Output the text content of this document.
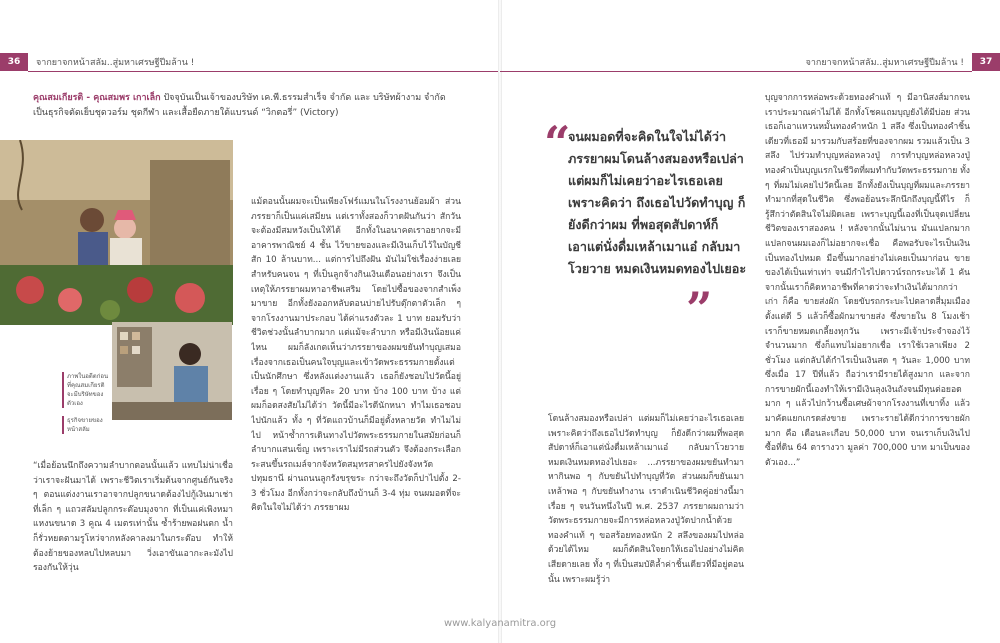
36	จากยาจกหน้าสลัม..สู่มหาเศรษฐีปีมล้าน !
คุณสมเกียรติ - คุณสมพร เกาเล็ก ปัจจุบันเป็นเจ้าของบริษัท เค.พี.ธรรมสำเร็จ จำกัด และ บริษัทผ้างาม จำกัด เป็นธุรกิจตัดเย็บชุดวอร์ม ชุดกีฬา และเสื้อยืดภายใต้แบรนด์ “วิกตอรี่” (Victory)
ภาพในอดีตก่อนที่คุณสมเกียรติจะมีบริษัทของตัวเอง
ธุรกิจขายของหน้าสลัม
“เมื่อย้อนนึกถึงความลำบากตอนนั้นแล้ว แทบไม่น่าเชื่อว่าเราจะฝันมาได้ เพราะชีวิตเราเริ่มต้นจากศูนย์กันจริง ๆ ตอนแต่งงานเราอาจากปลูกขนาดต้องไปกู้เงินมาเช่าที่เล็ก ๆ แถวสลัมปลูกกระต๊อบมุงจาก ที่เป็นแค่เพิงหมาแหงนขนาด 3 คูณ 4 เมตรเท่านั้น ซ้ำร้ายพอฝนตก น้ำก็รั่วหยดตามรูโหว่จากหลังคาลงมาในกระต๊อบ ทำให้ต้องย้ายของหลบไปหลบมา วิ่งเอาขันเอากะละมังไปรองกันให้วุ่น
แม้ตอนนั้นผมจะเป็นเพียงโฟร์แมนในโรงงานย้อมผ้า ส่วนภรรยาก็เป็นแค่เสมียน แต่เราทั้งสองก็วาดฝันกันว่า สักวันจะต้องมีสมหวังเป็นให้ได้ อีกทั้งในอนาคตเราอยากจะมีอาคารพาณิชย์ 4 ชั้น ไว้ขายของและมีเงินเก็บไว้ในบัญชีสัก 10 ล้านบาท... แต่การไปถึงฝัน มันไม่ใช่เรื่องง่ายเลยสำหรับคนจน ๆ ที่เป็นลูกจ้างกินเงินเดือนอย่างเรา จึงเป็นเหตุให้ภรรยาผมหาอาชีพเสริม โดยไปซื้อของจากสำเพ็งมาขาย อีกทั้งยังออกหลับตอนบ่ายไปรับตุ๊กตาตัวเล็ก ๆ จากโรงงานมาประกอบ ได้ค่าแรงตัวละ 1 บาท ยอมรับว่าชีวิตช่วงนั้นลำบากมาก แต่แม้จะลำบาก หรือมีเงินน้อยแค่ไหน ผมก็ลังเกตเห็นว่าภรรยาของผมขยันทำบุญเสมอ เรื่องจากเธอเป็นคนใจบุญและเข้าวัดพระธรรมกายตั้งแต่เป็นนักศึกษา ซึ่งหลังแต่งงานแล้ว เธอก็ยังชอบไปวัดนี้อยู่เรื่อย ๆ โดยทำบุญทีละ 20 บาท บ้าง 100 บาท บ้าง แต่ผมก็อดสงสัยไม่ได้ว่า วัดนี้มีอะไรดีนักหนา ทำไมเธอชอบไปนักแล้ว ทั้ง ๆ ที่วัดแถวบ้านก็มีอยู่ตั้งหลายวัด ทำไมไม่ไป หน้าซ้ำการเดินทางไปวัดพระธรรมกายในสมัยก่อนก็ลำบากแสนเข็ญ เพราะเราไม่มีรถส่วนตัว จึงต้องกระเลือกระสนขึ้นรถเมล์จากจังหวัดสมุทรสาครไปยังจังหวัดปทุมธานี ผ่านถนนลูกรังขรุขระ กว่าจะถึงวัดก็ปาไปตั้ง 2-3 ชั่วโมง อีกทั้งกว่าจะกลับถึงบ้านก็ 3-4 ทุ่ม จนผมอดที่จะคิดในใจไม่ได้ว่า ภรรยาผม
จากยาจกหน้าสลัม..สู่มหาเศรษฐีปีมล้าน !	37
“
จนผมอดที่จะคิดในใจไม่ได้ว่า ภรรยาผมโดนล้างสมองหรือเปล่า แต่ผมก็ไม่เคยว่าอะไรเธอเลย เพราะคิดว่า ถึงเธอไปวัดทำบุญ ก็ยังดีกว่าผม ที่พอสุดสัปดาห์ก็เอาแต่นั่งดื่มเหล้าเมาแอ๋ กลับมาโวยวาย หมดเงินหมดทองไปเยอะ
”
โดนล้างสมองหรือเปล่า แต่ผมก็ไม่เคยว่าอะไรเธอเลย เพราะคิดว่าถึงเธอไปวัดทำบุญ ก็ยังดีกว่าผมที่พอสุดสัปดาห์ก็เอาแต่นั่งดื่มเหล้าเมาแอ๋ กลับมาโวยวาย หมดเงินหมดทองไปเยอะ ...ภรรยาของผมขยันทำมาหากินพอ ๆ กับขยันไปทำบุญที่วัด ส่วนผมก็ขยันเมาเหล้าพอ ๆ กับขยันทำงาน เราดำเนินชีวิตคู่อย่างนี้มาเรื่อย ๆ จนวันหนึ่งในปี พ.ศ. 2537 ภรรยาผมถามว่า วัดพระธรรมกายจะมีการหล่อหลวงปู่วัดปากน้ำด้วยทองคำแท้ ๆ ขอสร้อยทองหนัก 2 สลึงของผมไปหล่อด้วยได้ไหม ผมก็ตัดสินใจยกให้เธอไปอย่างไม่คิดเสียดายเลย ทั้ง ๆ ที่เป็นสมบัติล้ำค่าชิ้นเดียวที่มีอยู่ตอนนั้น เพราะผมรู้ว่า
บุญจากการหล่อพระด้วยทองคำแท้ ๆ มีอานิสงส์มากจนเราประมาณค่าไม่ได้ อีกทั้งโชคแถมบุญยังได้มีบ่อย ส่วนเธอก็เอาแหวนหมั้นทองคำหนัก 1 สลึง ซึ่งเป็นทองคำชิ้นเดียวที่เธอมี มารวมกับสร้อยที่ของจากผม รวมแล้วเป็น 3 สลึง ไปร่วมทำบุญหล่อหลวงปู่ การทำบุญหล่อหลวงปู่ทองคำเป็นบุญแรกในชีวิตที่ผมทำกับวัดพระธรรมกาย ทั้ง ๆ ที่ผมไม่เคยไปวัดนี้เลย อีกทั้งยังเป็นบุญที่ผมและภรรยาทำมากที่สุดในชีวิต ซึ่งพอย้อนระลึกนึกถึงบุญนี้ทีไร ก็รู้สึกว่าตัดสินใจไม่ผิดเลย เพราะบุญนี้เองที่เป็นจุดเปลี่ยนชีวิตของเราสองคน ! หลังจากนั้นไม่นาน มันแปลกมาก แปลกจนผมเองก็ไม่อยากจะเชื่อ คือพอรับจะไรเป็นเงินเป็นทองไปหมด มือขึ้นมากอย่างไม่เคยเป็นมาก่อน ขายของได้เป็นเท่าเท่า จนมีกำไรไปดาวน์รถกระบะได้ 1 คัน จากนั้นเราก็คิดหาอาชีพที่คาดว่าจะทำเงินได้มากกว่าเก่า ก็คือ ขายส่งผัก โดยขับรถกระบะไปตลาดสี่มุมเมืองตั้งแต่ตี 5 แล้วก็ซื้อผักมาขายส่ง ซึ่งขายใน 8 โมงเช้า เราก็ขายหมดเกลี้ยงทุกวัน เพราะมีเจ้าประจำจองไว้จำนวนมาก ซึ่งก็แทบไม่อยากเชื่อ เราใช้เวลาเพียง 2 ชั่วโมง แต่กลับได้กำไรเป็นเงินสด ๆ วันละ 1,000 บาท ซึ่งเมื่อ 17 ปีที่แล้ว ถือว่าเรามีรายได้สูงมาก และจากการขายผักนี้เองทำให้เรามีเงินลุงเงินถังจนมีทุนต่อยอดมาก ๆ แล้วไปกว้านซื้อเศษผ้าจากโรงงานที่เขาทิ้ง แล้วมาคัดแยกเกรดส่งขาย เพราะรายได้ดีกว่าการขายผักมาก คือ เดือนละเกือบ 50,000 บาท จนเราเก็บเงินไปซื้อที่ดิน 64 ตารางวา มูลค่า 700,000 บาท มาเป็นของตัวเอง...”
www.kalyanamitra.org
